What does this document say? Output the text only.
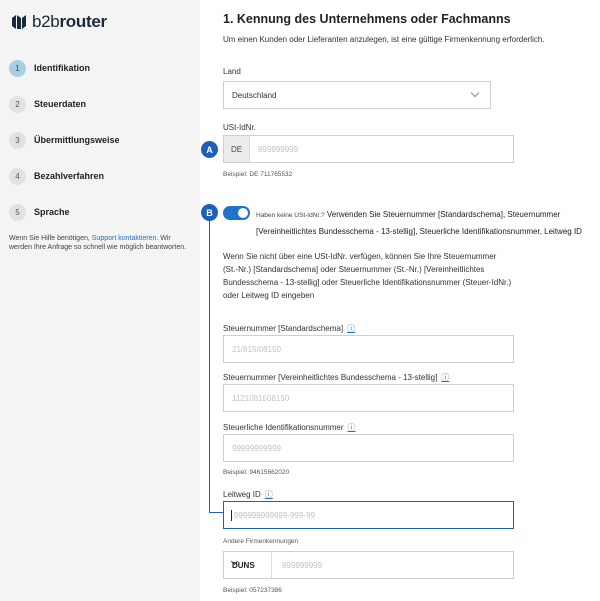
b2brouter
1	Identifikation
2	Steuerdaten
3	Übermittlungsweise
4	Bezahlverfahren
5	Sprache
Wenn Sie Hilfe benötigen, Support kontaktieren. Wir werden Ihre Anfrage so schnell wie möglich beantworten.
A
B
1. Kennung des Unternehmens oder Fachmanns
Um einen Kunden oder Lieferanten anzulegen, ist eine gültige Firmenkennung erforderlich.
Land
Deutschland
USt-IdNr.
DE	999999999
Beispiel: DE 711765532
Haben keine USt-IdNr.? Verwenden Sie Steuernummer [Standardschema], Steuernummer [Vereinheitlichtes Bundesschema - 13-stellig], Steuerliche Identifikationsnummer, Leitweg ID
Wenn Sie nicht über eine USt-IdNr. verfügen, können Sie Ihre Steuernummer (St.-Nr.) [Standardschema] oder Steuernummer (St.-Nr.) [Vereinheitlichtes Bundesschema - 13-stellig] oder Steuerliche Identifikationsnummer (Steuer-IdNr.) oder Leitweg ID eingeben
Steuernummer [Standardschema] ⓘ
21/815/08150
Steuernummer [Vereinheitlichtes Bundesschema - 13-stellig] ⓘ
1121081508150
Steuerliche Identifikationsnummer ⓘ
99999999999
Beispiel: 94615662020
Leitweg ID ⓘ
999999999999-999-99
Andere Firmenkennungen
DUNS	999999999
Beispiel: 057237386
